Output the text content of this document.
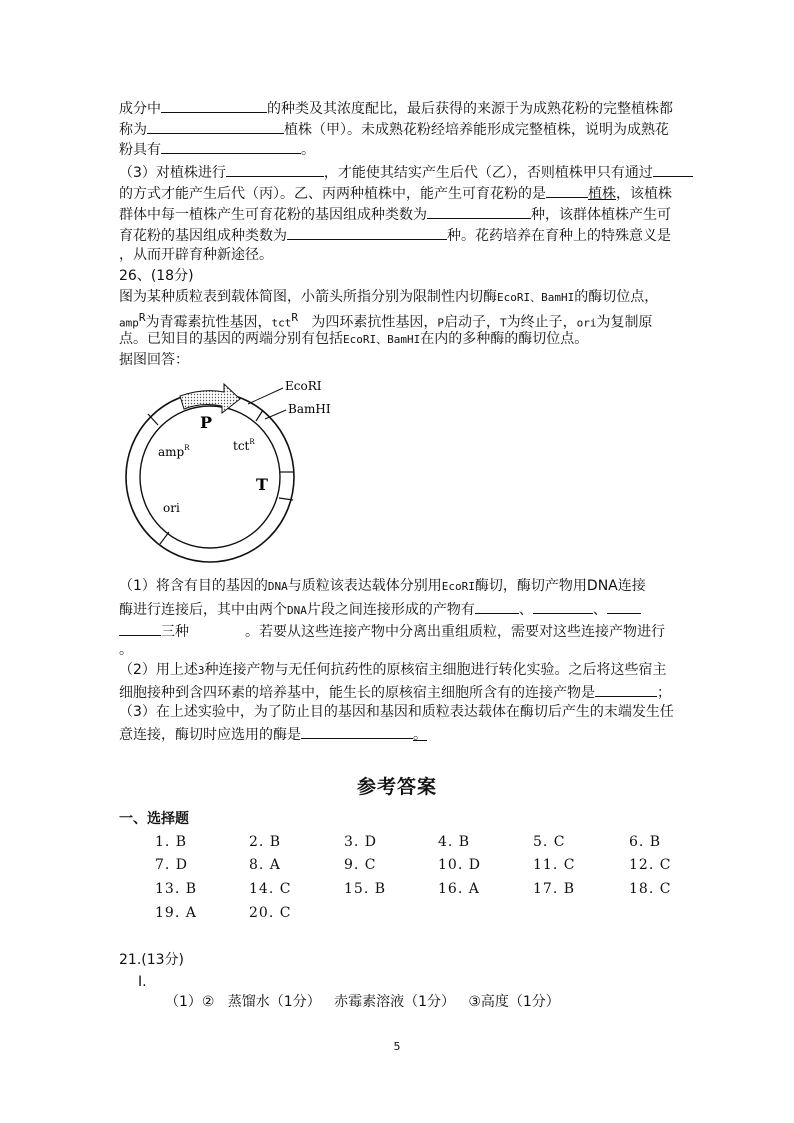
成分中	的种类及其浓度配比，最后获得的来源于为成熟花粉的完整植株都
称为	植株（甲）。未成熟花粉经培养能形成完整植株，说明为成熟花
粉具有	。
（3）对植株进行	，才能使其结实产生后代（乙），否则植株甲只有通过
的方式才能产生后代（丙）。乙、丙两种植株中，能产生可育花粉的是	植株，该植株
群体中每一植株产生可育花粉的基因组成种类数为	种，该群体植株产生可
育花粉的基因组成种类数为	种。花药培养在育种上的特殊意义是
，从而开辟育种新途径。
26、(18分)
图为某种质粒表到载体简图，小箭头所指分别为限制性内切酶EcoRI、BamHI的酶切位点，
amp$^R$为青霉素抗性基因，tct$^R$ 为四环素抗性基因，P启动子，T为终止子，ori为复制原
点。已知目的基因的两端分别有包括EcoRI、BamHI在内的多种酶的酶切位点。
据图回答：
EcoRI
BamHI
P
tct$^R$
amp$^R$
T
ori
（1）将含有目的基因的DNA与质粒该表达载体分别用EcoRI酶切，酶切产物用DNA连接
酶进行连接后，其中由两个DNA片段之间连接形成的产物有	、	、
三种	。若要从这些连接产物中分离出重组质粒，需要对这些连接产物进行
。
（2）用上述3种连接产物与无任何抗药性的原核宿主细胞进行转化实验。之后将这些宿主
细胞接种到含四环素的培养基中，能生长的原核宿主细胞所含有的连接产物是	；
（3）在上述实验中，为了防止目的基因和基因和质粒表达载体在酶切后产生的末端发生任
意连接，酶切时应选用的酶是	。
参考答案
一、选择题
1. B	2. B	3. D	4. B	5. C	6. B
7. D	8. A	9. C	10. D	11. C	12. C
13. B	14. C	15. B	16. A	17. B	18. C
19. A	20. C
21.(13分)
I.
（1）②   蒸馏水（1分）   赤霉素溶液（1分）   ③高度（1分）
5
